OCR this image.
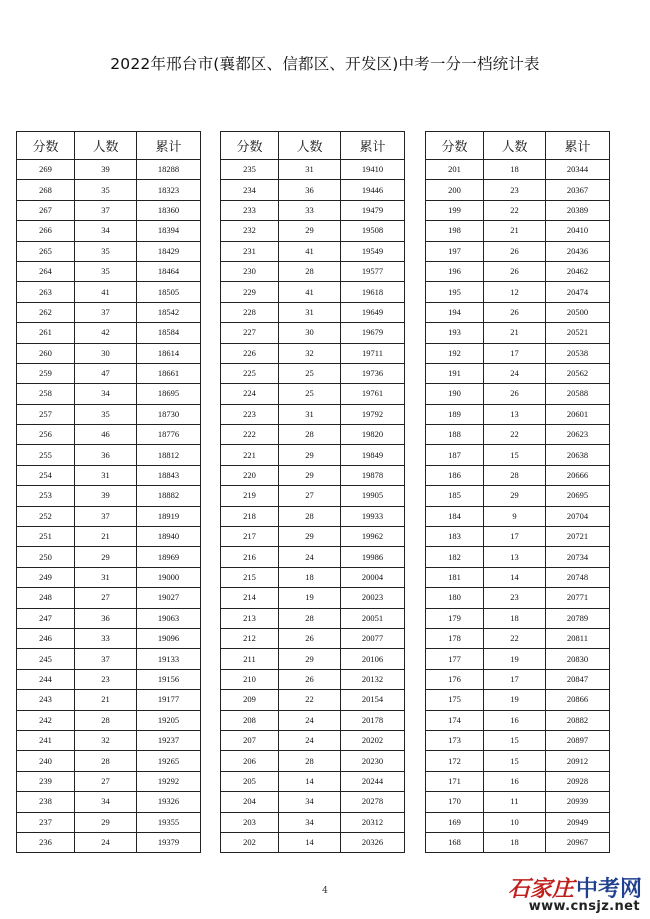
2022年邢台市(襄都区、信都区、开发区)中考一分一档统计表
分数	人数	累计
269	39	18288
268	35	18323
267	37	18360
266	34	18394
265	35	18429
264	35	18464
263	41	18505
262	37	18542
261	42	18584
260	30	18614
259	47	18661
258	34	18695
257	35	18730
256	46	18776
255	36	18812
254	31	18843
253	39	18882
252	37	18919
251	21	18940
250	29	18969
249	31	19000
248	27	19027
247	36	19063
246	33	19096
245	37	19133
244	23	19156
243	21	19177
242	28	19205
241	32	19237
240	28	19265
239	27	19292
238	34	19326
237	29	19355
236	24	19379
分数	人数	累计
235	31	19410
234	36	19446
233	33	19479
232	29	19508
231	41	19549
230	28	19577
229	41	19618
228	31	19649
227	30	19679
226	32	19711
225	25	19736
224	25	19761
223	31	19792
222	28	19820
221	29	19849
220	29	19878
219	27	19905
218	28	19933
217	29	19962
216	24	19986
215	18	20004
214	19	20023
213	28	20051
212	26	20077
211	29	20106
210	26	20132
209	22	20154
208	24	20178
207	24	20202
206	28	20230
205	14	20244
204	34	20278
203	34	20312
202	14	20326
分数	人数	累计
201	18	20344
200	23	20367
199	22	20389
198	21	20410
197	26	20436
196	26	20462
195	12	20474
194	26	20500
193	21	20521
192	17	20538
191	24	20562
190	26	20588
189	13	20601
188	22	20623
187	15	20638
186	28	20666
185	29	20695
184	9	20704
183	17	20721
182	13	20734
181	14	20748
180	23	20771
179	18	20789
178	22	20811
177	19	20830
176	17	20847
175	19	20866
174	16	20882
173	15	20897
172	15	20912
171	16	20928
170	11	20939
169	10	20949
168	18	20967
4	石家庄中考网
www.cnsjz.net
